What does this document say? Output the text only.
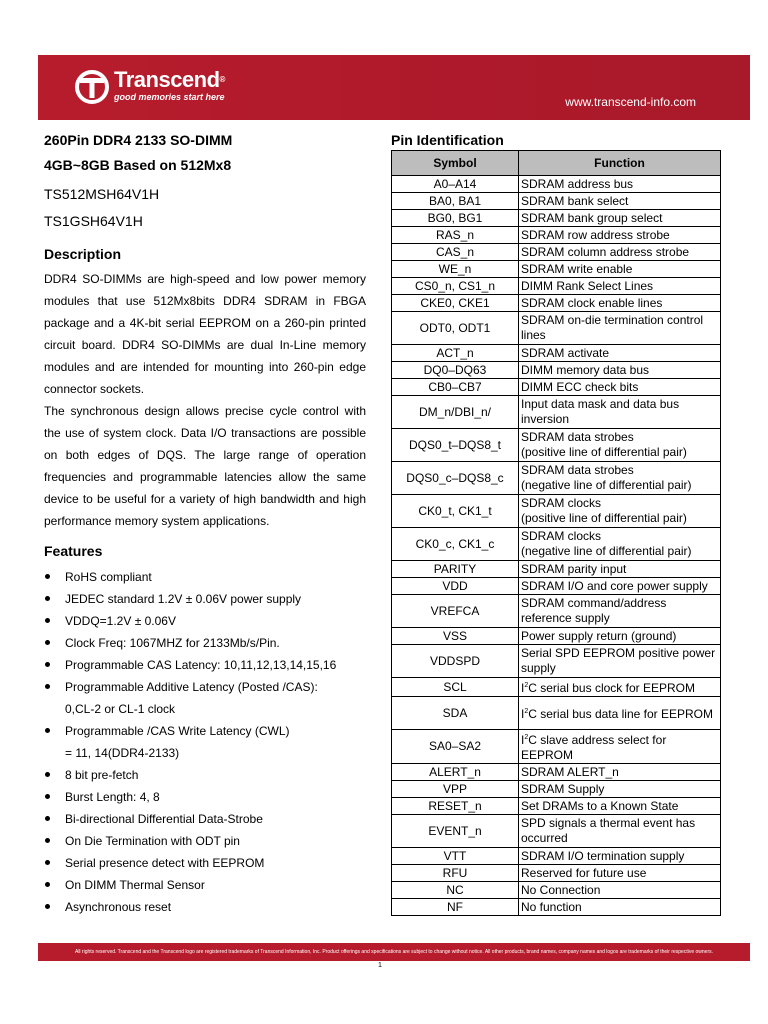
Transcend®
good memories start here	www.transcend-info.com
260Pin DDR4 2133 SO-DIMM
4GB~8GB Based on 512Mx8
TS512MSH64V1H
TS1GSH64V1H
Description

DDR4 SO-DIMMs are high-speed and low power memory modules that use 512Mx8bits DDR4 SDRAM in FBGA package and a 4K-bit serial EEPROM on a 260-pin printed circuit board. DDR4 SO-DIMMs are dual In-Line memory modules and are intended for mounting into 260-pin edge connector sockets.

The synchronous design allows precise cycle control with the use of system clock. Data I/O transactions are possible on both edges of DQS. The large range of operation frequencies and programmable latencies allow the same device to be useful for a variety of high bandwidth and high performance memory system applications.

Features
RoHS compliant
JEDEC standard 1.2V ± 0.06V power supply
VDDQ=1.2V ± 0.06V
Clock Freq: 1067MHZ for 2133Mb/s/Pin.
Programmable CAS Latency: 10,11,12,13,14,15,16
Programmable Additive Latency (Posted /CAS):
0,CL-2 or CL-1 clock
Programmable /CAS Write Latency (CWL)
= 11, 14(DDR4-2133)
8 bit pre-fetch
Burst Length: 4, 8
Bi-directional Differential Data-Strobe
On Die Termination with ODT pin
Serial presence detect with EEPROM
On DIMM Thermal Sensor
Asynchronous reset
Pin Identification
Symbol	Function
A0–A14	SDRAM address bus
BA0, BA1	SDRAM bank select
BG0, BG1	SDRAM bank group select
RAS_n	SDRAM row address strobe
CAS_n	SDRAM column address strobe
WE_n	SDRAM write enable
CS0_n, CS1_n	DIMM Rank Select Lines
CKE0, CKE1	SDRAM clock enable lines
ODT0, ODT1	SDRAM on-die termination control lines
ACT_n	SDRAM activate
DQ0–DQ63	DIMM memory data bus
CB0–CB7	DIMM ECC check bits
DM_n/DBI_n/	Input data mask and data bus inversion
DQS0_t–DQS8_t	SDRAM data strobes
(positive line of differential pair)
DQS0_c–DQS8_c	SDRAM data strobes
(negative line of differential pair)
CK0_t, CK1_t	SDRAM clocks
(positive line of differential pair)
CK0_c, CK1_c	SDRAM clocks
(negative line of differential pair)
PARITY	SDRAM parity input
VDD	SDRAM I/O and core power supply
VREFCA	SDRAM command/address reference supply
VSS	Power supply return (ground)
VDDSPD	Serial SPD EEPROM positive power supply
SCL	$I^2C$ serial bus clock for EEPROM
SDA	$I^2C$ serial bus data line for EEPROM
SA0–SA2	$I^2C$ slave address select for EEPROM
ALERT_n	SDRAM ALERT_n
VPP	SDRAM Supply
RESET_n	Set DRAMs to a Known State
EVENT_n	SPD signals a thermal event has occurred
VTT	SDRAM I/O termination supply
RFU	Reserved for future use
NC	No Connection
NF	No function
All rights reserved. Transcend and the Transcend logo are registered trademarks of Transcend Information, Inc. Product offerings and specifications are subject to change without notice. All other products, brand names, company names and logos are trademarks of their respective owners.
1
